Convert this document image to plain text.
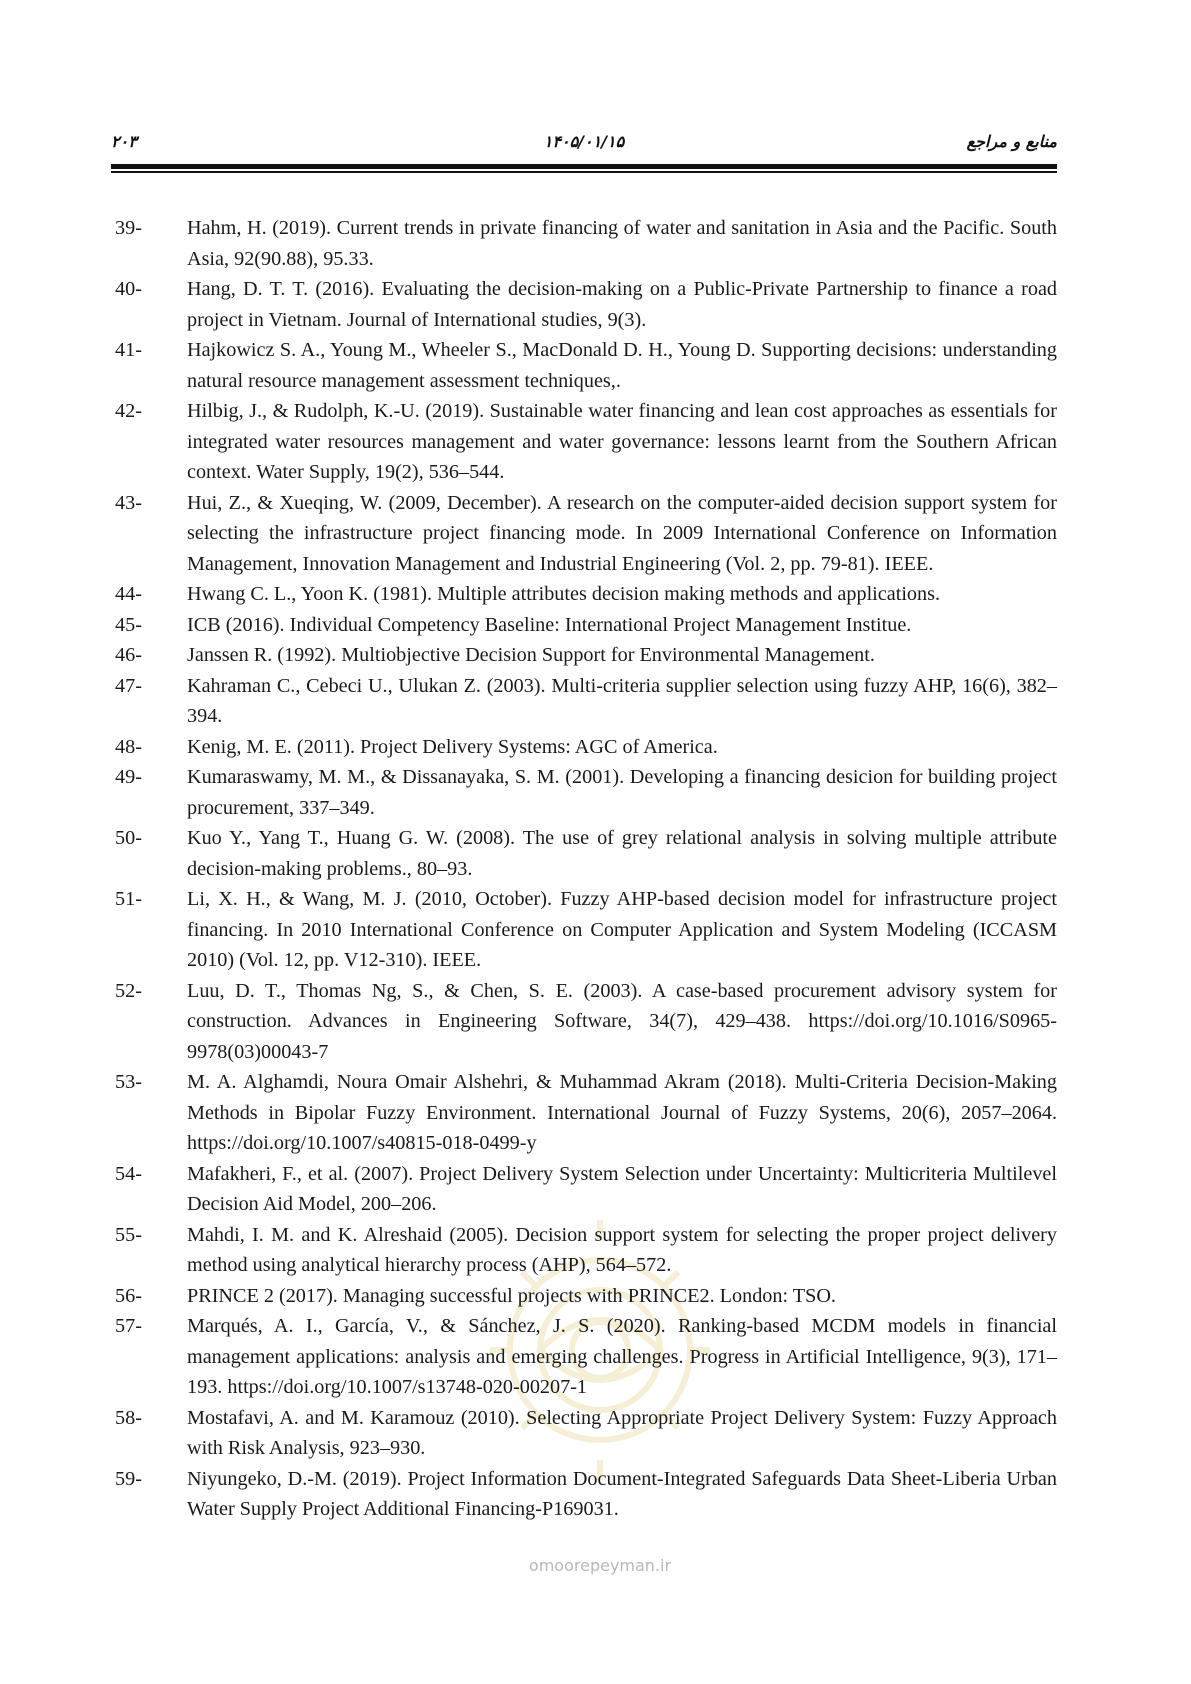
۲۰۳	۱۴۰۵/۰۱/۱۵	منابع و مراجع
39-	Hahm, H. (2019). Current trends in private financing of water and sanitation in Asia and the Pacific. South Asia, 92(90.88), 95.33.
40-	Hang, D. T. T. (2016). Evaluating the decision-making on a Public-Private Partnership to finance a road project in Vietnam. Journal of International studies, 9(3).
41-	Hajkowicz S. A., Young M., Wheeler S., MacDonald D. H., Young D. Supporting decisions: understanding natural resource management assessment techniques,.
42-	Hilbig, J., & Rudolph, K.-U. (2019). Sustainable water financing and lean cost approaches as essentials for integrated water resources management and water governance: lessons learnt from the Southern African context. Water Supply, 19(2), 536–544.
43-	Hui, Z., & Xueqing, W. (2009, December). A research on the computer-aided decision support system for selecting the infrastructure project financing mode. In 2009 International Conference on Information Management, Innovation Management and Industrial Engineering (Vol. 2, pp. 79-81). IEEE.
44-	Hwang C. L., Yoon K. (1981). Multiple attributes decision making methods and applications.
45-	ICB (2016). Individual Competency Baseline: International Project Management Institue.
46-	Janssen R. (1992). Multiobjective Decision Support for Environmental Management.
47-	Kahraman C., Cebeci U., Ulukan Z. (2003). Multi-criteria supplier selection using fuzzy AHP, 16(6), 382–394.
48-	Kenig, M. E. (2011). Project Delivery Systems: AGC of America.
49-	Kumaraswamy, M. M., & Dissanayaka, S. M. (2001). Developing a financing desicion for building project procurement, 337–349.
50-	Kuo Y., Yang T., Huang G. W. (2008). The use of grey relational analysis in solving multiple attribute decision-making problems., 80–93.
51-	Li, X. H., & Wang, M. J. (2010, October). Fuzzy AHP-based decision model for infrastructure project financing. In 2010 International Conference on Computer Application and System Modeling (ICCASM 2010) (Vol. 12, pp. V12-310). IEEE.
52-	Luu, D. T., Thomas Ng, S., & Chen, S. E. (2003). A case-based procurement advisory system for construction. Advances in Engineering Software, 34(7), 429–438. https://doi.org/10.1016/S0965-9978(03)00043-7
53-	M. A. Alghamdi, Noura Omair Alshehri, & Muhammad Akram (2018). Multi-Criteria Decision-Making Methods in Bipolar Fuzzy Environment. International Journal of Fuzzy Systems, 20(6), 2057–2064. https://doi.org/10.1007/s40815-018-0499-y
54-	Mafakheri, F., et al. (2007). Project Delivery System Selection under Uncertainty: Multicriteria Multilevel Decision Aid Model, 200–206.
55-	Mahdi, I. M. and K. Alreshaid (2005). Decision support system for selecting the proper project delivery method using analytical hierarchy process (AHP), 564–572.
56-	PRINCE 2 (2017). Managing successful projects with PRINCE2. London: TSO.
57-	Marqués, A. I., García, V., & Sánchez, J. S. (2020). Ranking-based MCDM models in financial management applications: analysis and emerging challenges. Progress in Artificial Intelligence, 9(3), 171–193. https://doi.org/10.1007/s13748-020-00207-1
58-	Mostafavi, A. and M. Karamouz (2010). Selecting Appropriate Project Delivery System: Fuzzy Approach with Risk Analysis, 923–930.
59-	Niyungeko, D.-M. (2019). Project Information Document-Integrated Safeguards Data Sheet-Liberia Urban Water Supply Project Additional Financing-P169031.
omoorepeyman.ir
